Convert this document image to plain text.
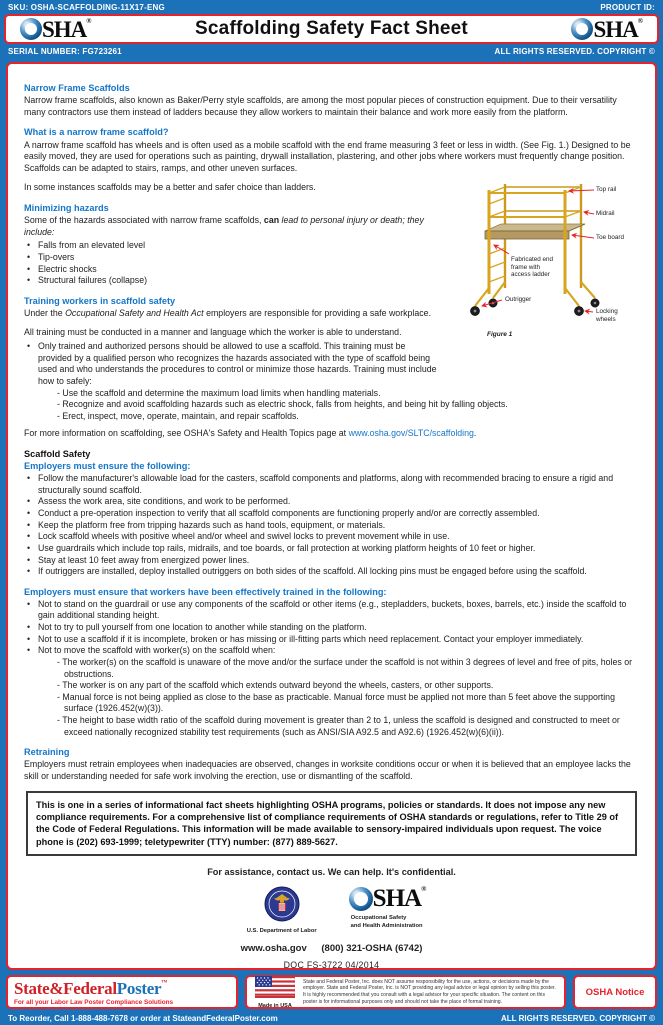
SKU: OSHA-SCAFFOLDING-11X17-ENG	PRODUCT ID:
SHA ®	Scaffolding Safety Fact Sheet	SHA ®
SERIAL NUMBER: FG723261	ALL RIGHTS RESERVED. COPYRIGHT ©
Narrow Frame Scaffolds

Narrow frame scaffolds, also known as Baker/Perry style scaffolds, are among the most popular pieces of construction equipment. Due to their versatility many contractors use them instead of ladders because they allow workers to maintain their balance and work more easily from the platform.

What is a narrow frame scaffold?

A narrow frame scaffold has wheels and is often used as a mobile scaffold with the end frame measuring 3 feet or less in width. (See Fig. 1.) Designed to be easily moved, they are used for operations such as painting, drywall installation, plastering, and other jobs where workers must frequently change position. Scaffolds can be adapted to stairs, ramps, and other uneven surfaces.

Top rail
Midrail
Toe board
Fabricated end frame with access ladder
Outrigger
Locking wheels
Figure 1

In some instances scaffolds may be a better and safer choice than ladders.

Minimizing hazards

Some of the hazards associated with narrow frame scaffolds, can lead to personal injury or death; they include:

• Falls from an elevated level
• Tip-overs
• Electric shocks
• Structural failures (collapse)
Training workers in scaffold safety

Under the Occupational Safety and Health Act employers are responsible for providing a safe workplace.

All training must be conducted in a manner and language which the worker is able to understand.

• Only trained and authorized persons should be allowed to use a scaffold. This training must be provided by a qualified person who recognizes the hazards associated with the type of scaffold being used and who understands the procedures to control or minimize those hazards. Training must include how to safely:
- Use the scaffold and determine the maximum load limits when handling materials.
- Recognize and avoid scaffolding hazards such as electric shock, falls from heights, and being hit by falling objects.
- Erect, inspect, move, operate, maintain, and repair scaffolds.

For more information on scaffolding, see OSHA's Safety and Health Topics page at www.osha.gov/SLTC/scaffolding.

Scaffold Safety
Employers must ensure the following:
• Follow the manufacturer's allowable load for the casters, scaffold components and platforms, along with recommended bracing to ensure a rigid and structurally sound scaffold.
• Assess the work area, site conditions, and work to be performed.
• Conduct a pre-operation inspection to verify that all scaffold components are functioning properly and/or are correctly assembled.
• Keep the platform free from tripping hazards such as hand tools, equipment, or materials.
• Lock scaffold wheels with positive wheel and/or wheel and swivel locks to prevent movement while in use.
• Use guardrails which include top rails, midrails, and toe boards, or fall protection at working platform heights of 10 feet or higher.
• Stay at least 10 feet away from energized power lines.
• If outriggers are installed, deploy installed outriggers on both sides of the scaffold. All locking pins must be engaged before using the scaffold.
Employers must ensure that workers have been effectively trained in the following:
• Not to stand on the guardrail or use any components of the scaffold or other items (e.g., stepladders, buckets, boxes, barrels, etc.) inside the scaffold to gain additional standing height.
• Not to try to pull yourself from one location to another while standing on the platform.
• Not to use a scaffold if it is incomplete, broken or has missing or ill-fitting parts which need replacement. Contact your employer immediately.
• Not to move the scaffold with worker(s) on the scaffold when:
- The worker(s) on the scaffold is unaware of the move and/or the surface under the scaffold is not within 3 degrees of level and free of pits, holes or obstructions.
- The worker is on any part of the scaffold which extends outward beyond the wheels, casters, or other supports.
- Manual force is not being applied as close to the base as practicable. Manual force must be applied not more than 5 feet above the supporting surface (1926.452(w)(3)).
- The height to base width ratio of the scaffold during movement is greater than 2 to 1, unless the scaffold is designed and constructed to meet or exceed nationally recognized stability test requirements (such as ANSI/SIA A92.5 and A92.6) (1926.452(w)(6)(ii)).
Retraining

Employers must retrain employees when inadequacies are observed, changes in worksite conditions occur or when it is believed that an employee lacks the skill or understanding needed for safe work involving the erection, use or dismantling of the scaffold.

This is one in a series of informational fact sheets highlighting OSHA programs, policies or standards. It does not impose any new compliance requirements. For a comprehensive list of compliance requirements of OSHA standards or regulations, refer to Title 29 of the Code of Federal Regulations. This information will be made available to sensory-impaired individuals upon request. The voice phone is (202) 693-1999; teletypewriter (TTY) number: (877) 889-5627.
For assistance, contact us. We can help. It's confidential.
U.S. Department of Labor
SHA ®
Occupational Safety
and Health Administration
www.osha.gov (800) 321-OSHA (6742)
DOC FS-3722 04/2014
State&FederalPoster™
For all your Labor Law Poster Compliance Solutions	Made in USA
State and Federal Poster, Inc. does NOT assume responsibility for the use, actions, or decisions made by the employer. State and Federal Poster, Inc. is NOT providing any legal advice or legal opinion by selling this poster. It is highly recommended that you consult with a legal advisor for your specific situation. The content on this poster is for informational purposes only and should not take the place of formal training.
OSHA Notice
To Reorder, Call 1-888-488-7678 or order at StateandFederalPoster.com	ALL RIGHTS RESERVED. COPYRIGHT ©
